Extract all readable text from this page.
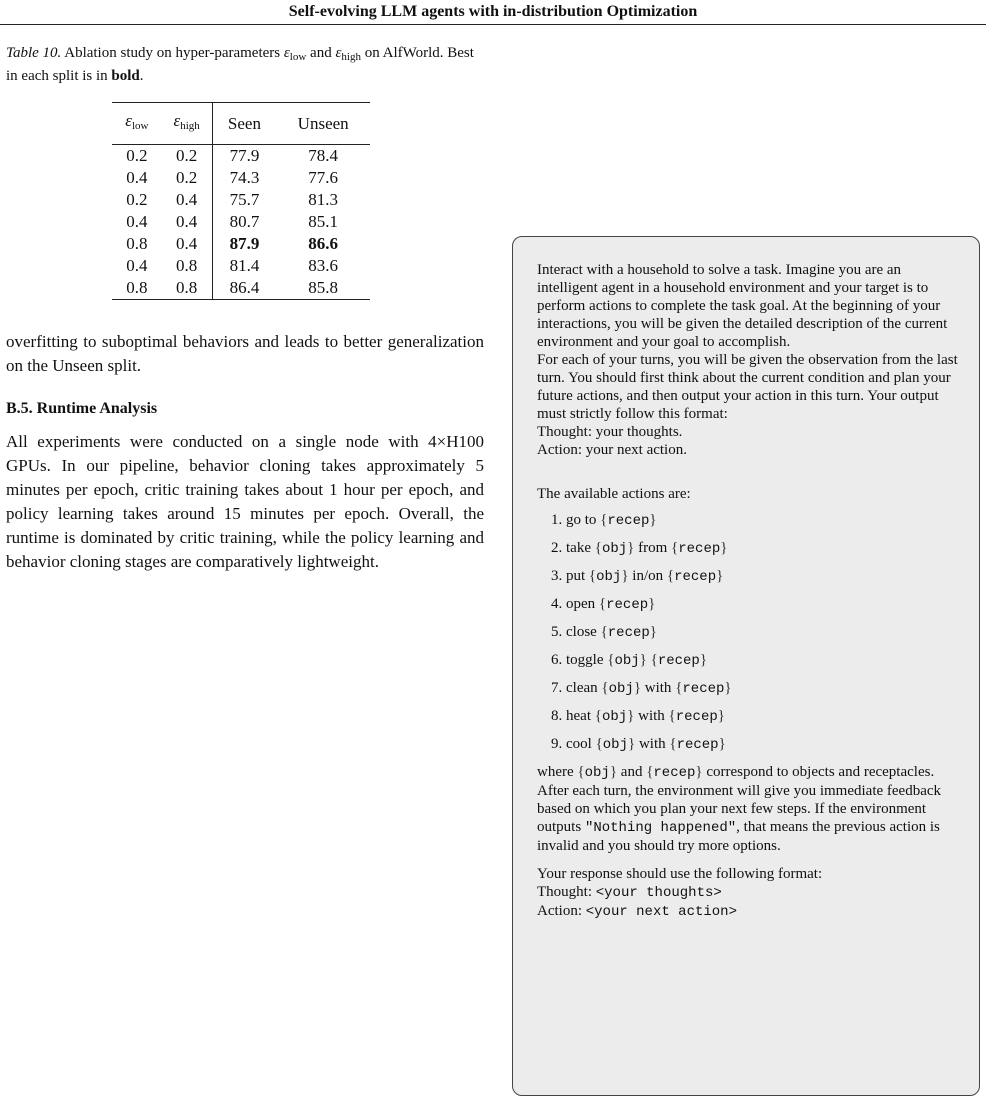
Self-evolving LLM agents with in-distribution Optimization

Table 10. Ablation study on hyper-parameters $\varepsilon_{low}$ and $\varepsilon_{high}$ on AlfWorld. Best in each split is in bold.

$\varepsilon_{low}$	$\varepsilon_{high}$	Seen	Unseen
0.2	0.2	77.9	78.4
0.4	0.2	74.3	77.6
0.2	0.4	75.7	81.3
0.4	0.4	80.7	85.1
0.8	0.4	87.9	86.6
0.4	0.8	81.4	83.6
0.8	0.8	86.4	85.8

overfitting to suboptimal behaviors and leads to better generalization on the Unseen split.

B.5. Runtime Analysis

All experiments were conducted on a single node with 4×H100 GPUs. In our pipeline, behavior cloning takes approximately 5 minutes per epoch, critic training takes about 1 hour per epoch, and policy learning takes around 15 minutes per epoch. Overall, the runtime is dominated by critic training, while the policy learning and behavior cloning stages are comparatively lightweight.

Interact with a household to solve a task. Imagine you are an intelligent agent in a household environment and your target is to perform actions to complete the task goal. At the beginning of your interactions, you will be given the detailed description of the current environment and your goal to accomplish.

For each of your turns, you will be given the observation from the last turn. You should first think about the current condition and plan your future actions, and then output your action in this turn. Your output must strictly follow this format:

Thought: your thoughts.
Action: your next action.

The available actions are:

1. go to {recep}
2. take {obj} from {recep}
3. put {obj} in/on {recep}
4. open {recep}
5. close {recep}
6. toggle {obj} {recep}
7. clean {obj} with {recep}
8. heat {obj} with {recep}
9. cool {obj} with {recep}

where {obj} and {recep} correspond to objects and receptacles.

After each turn, the environment will give you immediate feedback based on which you plan your next few steps. If the environment outputs "Nothing happened", that means the previous action is invalid and you should try more options.

Your response should use the following format:

Thought: <your thoughts>
Action: <your next action>
